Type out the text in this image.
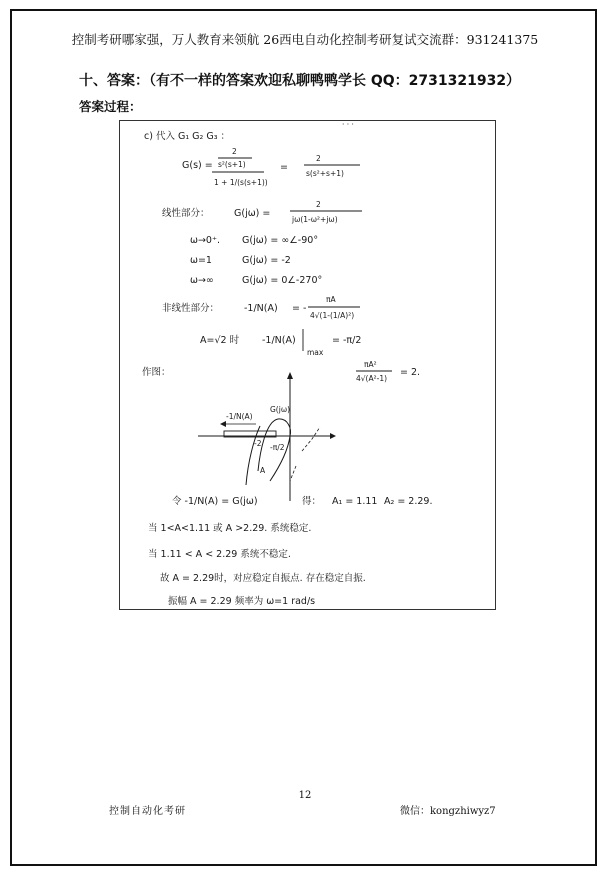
控制考研哪家强，万人教育来领航 26西电自动化控制考研复试交流群：931241375
十、答案：（有不一样的答案欢迎私聊鸭鸭学长 QQ：2731321932）
答案过程：
· · ·
c) 代入 G₁ G₂ G₃ ：
G(s) =
2
s²(s+1)
1 + 1/(s(s+1))
=
2
s(s²+s+1)
线性部分：	G(jω) =
2
jω(1-ω²+jω)
ω→0⁺. G(jω) = ∞∠-90°
ω=1	G(jω) = -2
ω→∞	G(jω) = 0∠-270°
非线性部分：	-1/N(A) = -
πA
4√(1-(1/A)²)
A=√2 时 -1/N(A)
max
= -π/2
作图：
πA²
4√(A²-1)
= 2.
G(jω)
-1/N(A)
-2 -π/2
A
令 -1/N(A) = G(jω)	得： A₁ = 1.11 A₂ = 2.29.
当 1<A<1.11 或 A >2.29. 系统稳定.
当 1.11 < A < 2.29 系统不稳定.
故 A = 2.29时，对应稳定自振点. 存在稳定自振.
振幅 A = 2.29 频率为 ω=1 rad/s
12
控制自动化考研	微信：kongzhiwyz7
